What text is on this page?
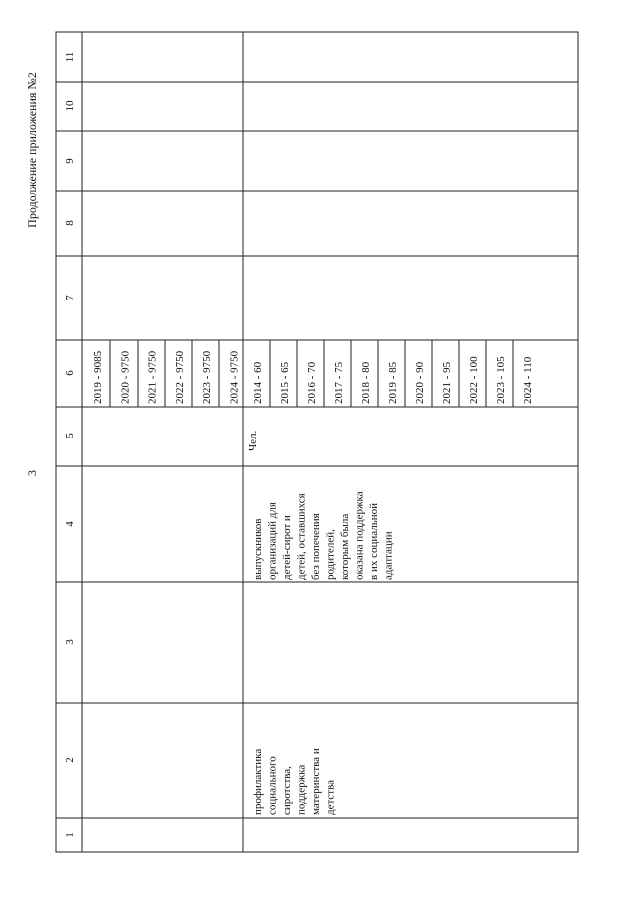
3
Продолжение приложения №2
1
2
3
4
5
6
7
8
9
10
11
2019 - 9085 2020 - 9750 2021 - 9750 2022 - 9750 2023 - 9750 2024 - 9750
профилактика социального сиротства, поддержка материнства и детства
выпускников организаций для детей-сирот и детей, оставшихся без попечения родителей, которым была оказана поддержка в их социальной адаптации
Чел.
2014 - 60 2015 - 65 2016 - 70 2017 - 75 2018 - 80 2019 - 85 2020 - 90 2021 - 95 2022 - 100 2023 - 105 2024 - 110
